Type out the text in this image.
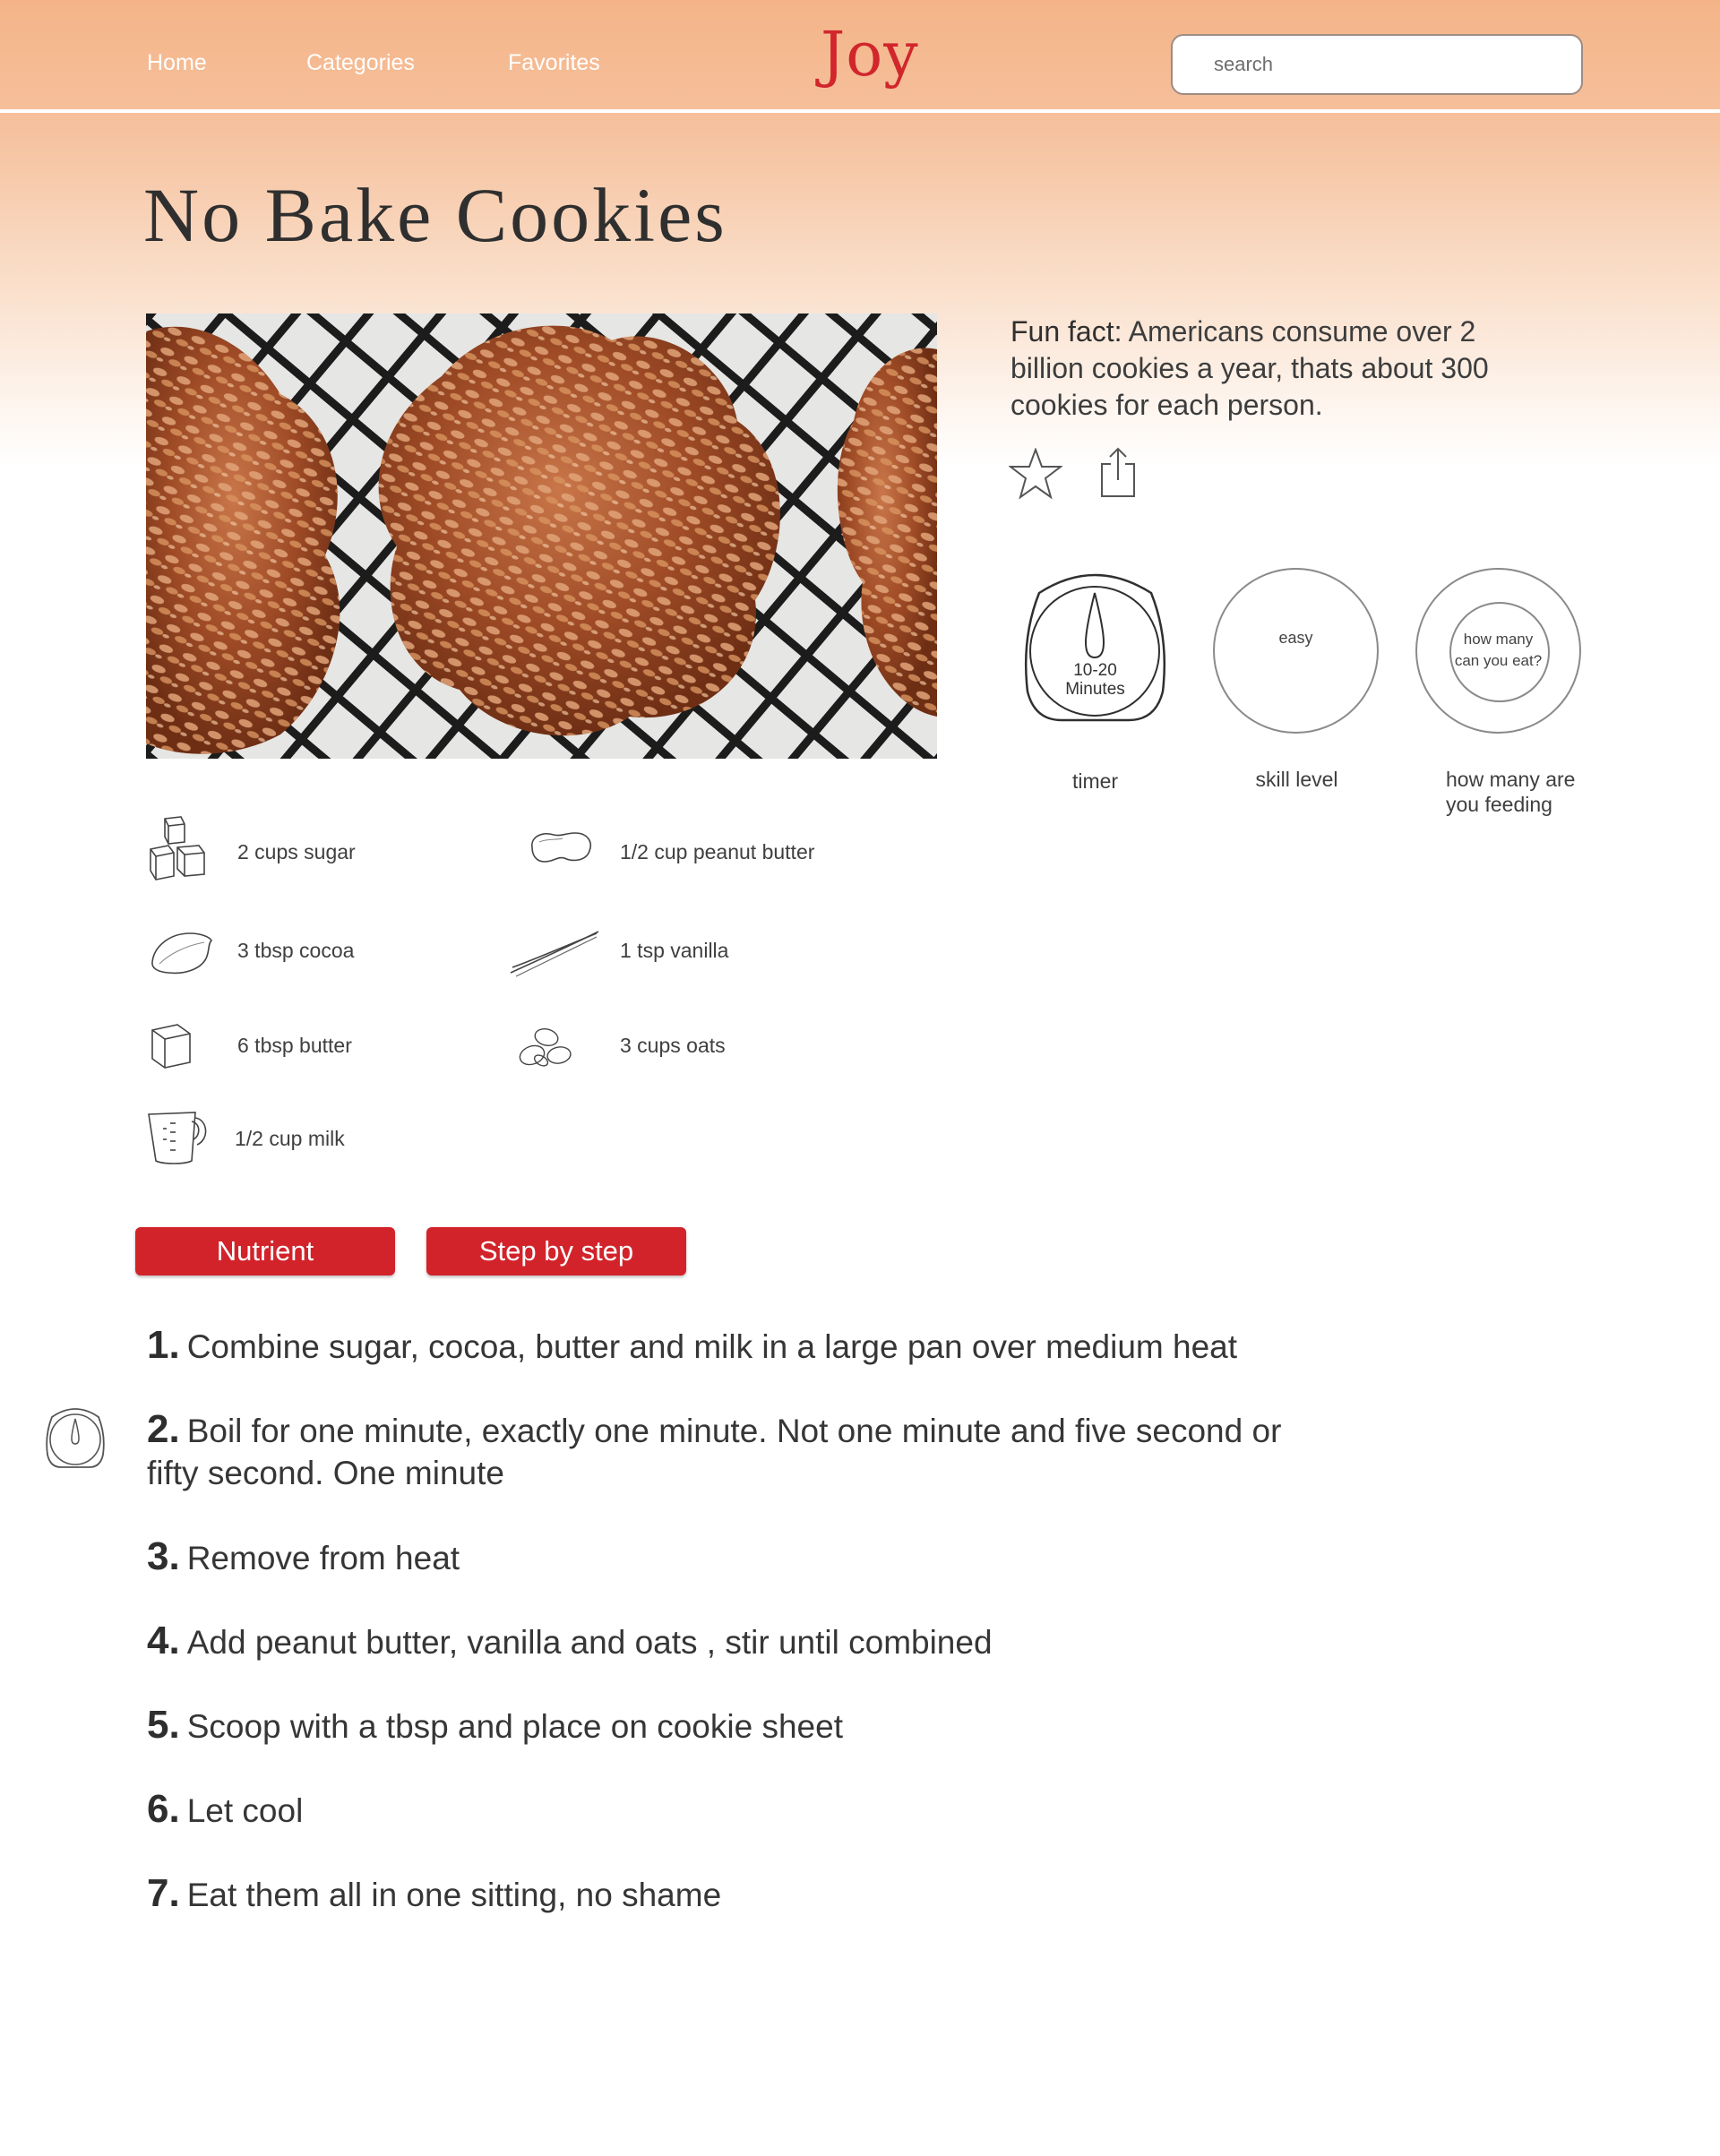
Home	Categories	Favorites	Joy
search
No Bake Cookies

Fun fact: Americans consume over 2 billion cookies a year, thats about 300 cookies for each person.

10-20
Minutes
timer
easy
skill level
how many
can you eat?
how many are
you feeding
2 cups sugar	1/2 cup peanut butter
3 tbsp cocoa	1 tsp vanilla
6 tbsp butter	3 cups oats
1/2 cup milk
Nutrient	Step by step
1. Combine sugar, cocoa, butter and milk in a large pan over medium heat
2. Boil for one minute, exactly one minute. Not one minute and five second or fifty second. One minute
3. Remove from heat
4. Add peanut butter, vanilla and oats , stir until combined
5. Scoop with a tbsp and place on cookie sheet
6. Let cool
7. Eat them all in one sitting, no shame
